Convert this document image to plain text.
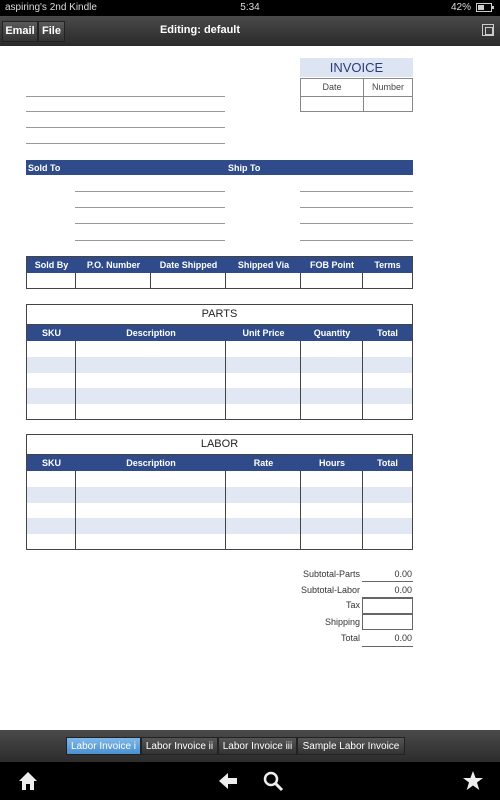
aspiring's 2nd Kindle	5:34	42%
Email File	Editing: default
INVOICE
Date	Number
Sold To	Ship To
Sold By	P.O. Number	Date Shipped	Shipped Via	FOB Point	Terms
PARTS
SKU	Description	Unit Price	Quantity	Total
LABOR
SKU	Description	Rate	Hours	Total
Subtotal-Parts	0.00
Subtotal-Labor	0.00
Tax
Shipping
Total	0.00
Labor Invoice i Labor Invoice ii Labor Invoice iii	Sample Labor Invoice
